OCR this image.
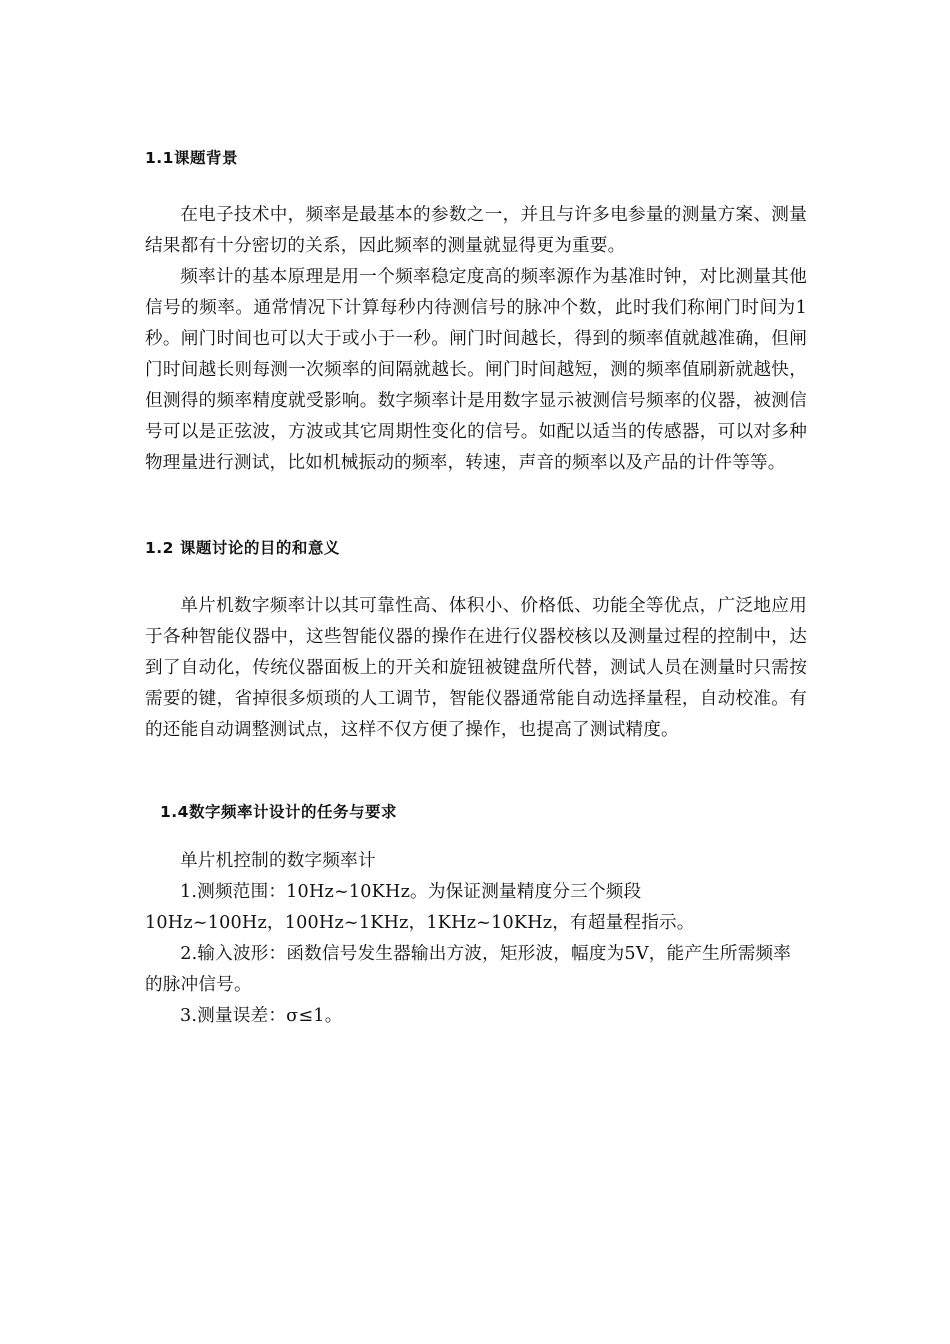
1.1课题背景

在电子技术中，频率是最基本的参数之一，并且与许多电参量的测量方案、测量结果都有十分密切的关系，因此频率的测量就显得更为重要。

频率计的基本原理是用一个频率稳定度高的频率源作为基准时钟，对比测量其他信号的频率。通常情况下计算每秒内待测信号的脉冲个数，此时我们称闸门时间为1秒。闸门时间也可以大于或小于一秒。闸门时间越长，得到的频率值就越准确，但闸门时间越长则每测一次频率的间隔就越长。闸门时间越短，测的频率值刷新就越快，但测得的频率精度就受影响。数字频率计是用数字显示被测信号频率的仪器，被测信号可以是正弦波，方波或其它周期性变化的信号。如配以适当的传感器，可以对多种物理量进行测试，比如机械振动的频率，转速，声音的频率以及产品的计件等等。

1.2 课题讨论的目的和意义

单片机数字频率计以其可靠性高、体积小、价格低、功能全等优点，广泛地应用于各种智能仪器中，这些智能仪器的操作在进行仪器校核以及测量过程的控制中，达到了自动化，传统仪器面板上的开关和旋钮被键盘所代替，测试人员在测量时只需按需要的键，省掉很多烦琐的人工调节，智能仪器通常能自动选择量程，自动校准。有的还能自动调整测试点，这样不仅方便了操作，也提高了测试精度。

1.4数字频率计设计的任务与要求

单片机控制的数字频率计

1.测频范围：10Hz~10KHz。为保证测量精度分三个频段

10Hz~100Hz，100Hz~1KHz，1KHz~10KHz，有超量程指示。

2.输入波形：函数信号发生器输出方波，矩形波，幅度为5V，能产生所需频率的脉冲信号。

3.测量误差：σ≤1。
